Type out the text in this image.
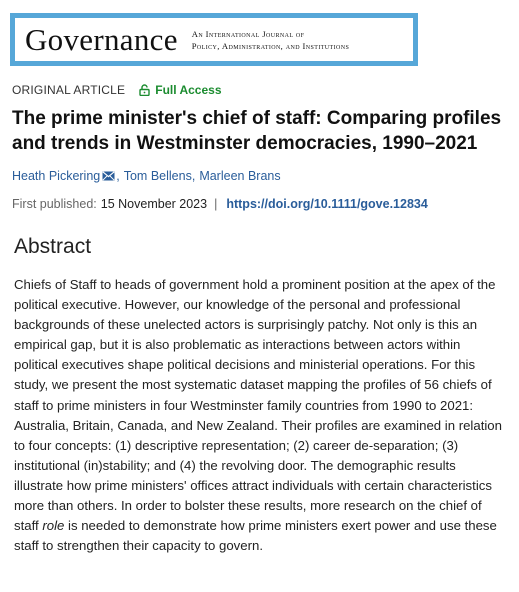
Governance An International Journal of
Policy, Administration, and Institutions
ORIGINAL ARTICLE	Full Access
The prime minister's chief of staff: Comparing profiles and trends in Westminster democracies, 1990–2021
Heath Pickering , Tom Bellens , Marleen Brans
First published: 15 November 2023 | https://doi.org/10.1111/gove.12834
Abstract

Chiefs of Staff to heads of government hold a prominent position at the apex of the political executive. However, our knowledge of the personal and professional backgrounds of these unelected actors is surprisingly patchy. Not only is this an empirical gap, but it is also problematic as interactions between actors within political executives shape political decisions and ministerial operations. For this study, we present the most systematic dataset mapping the profiles of 56 chiefs of staff to prime ministers in four Westminster family countries from 1990 to 2021: Australia, Britain, Canada, and New Zealand. Their profiles are examined in relation to four concepts: (1) descriptive representation; (2) career de-separation; (3) institutional (in)stability; and (4) the revolving door. The demographic results illustrate how prime ministers' offices attract individuals with certain characteristics more than others. In order to bolster these results, more research on the chief of staff role is needed to demonstrate how prime ministers exert power and use these staff to strengthen their capacity to govern.
